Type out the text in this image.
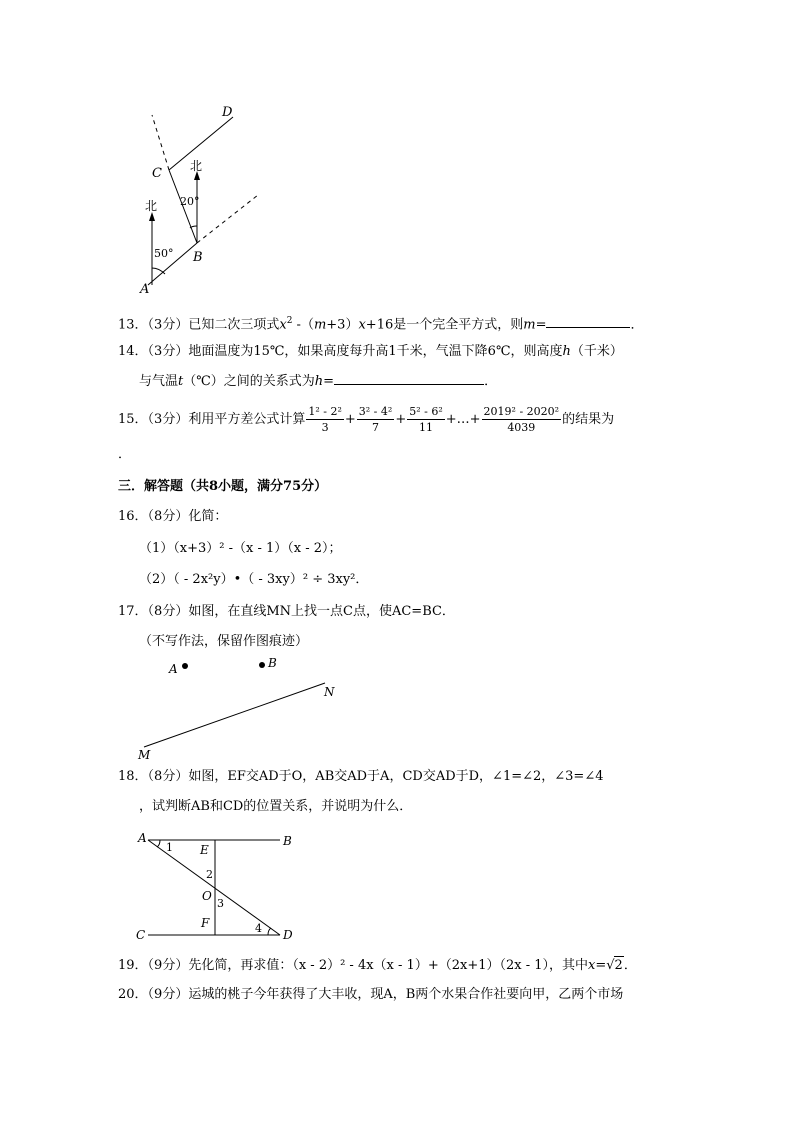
D
C
B
A
北
北
20°
50°
13．（3分）已知二次三项式$x^2$ -（m+3）x+16是一个完全平方式，则m=	．
14．（3分）地面温度为15℃，如果高度每升高1千米，气温下降6℃，则高度h（千米）
与气温t（℃）之间的关系式为h=	．
15．（3分）利用平方差公式计算 $\frac{\text{1² - 2²}}{3} + \frac{\text{3² - 4²}}{7} + \frac{\text{5² - 6²}}{11}$ +…+ $\frac{\text{2019² - 2020²}}{4039}$ 的结果为
．
三．解答题（共8小题，满分75分）
16．（8分）化简：
（1）（x+3）² -（x - 1）（x - 2）；
（2）（ - 2x²y）•（ - 3xy）² ÷ 3xy²．
17．（8分）如图，在直线MN上找一点C点，使AC=BC．
（不写作法，保留作图痕迹）
A	B
M
N
18．（8分）如图，EF交AD于O，AB交AD于A，CD交AD于D，∠1=∠2，∠3=∠4
，试判断AB和CD的位置关系，并说明为什么．
A	B
C	D
E
F
O
1
2
3
4
19．（9分）先化简，再求值：（x - 2）² - 4x（x - 1）+（2x+1）（2x - 1），其中x=√2．
20．（9分）运城的桃子今年获得了大丰收，现A，B两个水果合作社要向甲，乙两个市场
